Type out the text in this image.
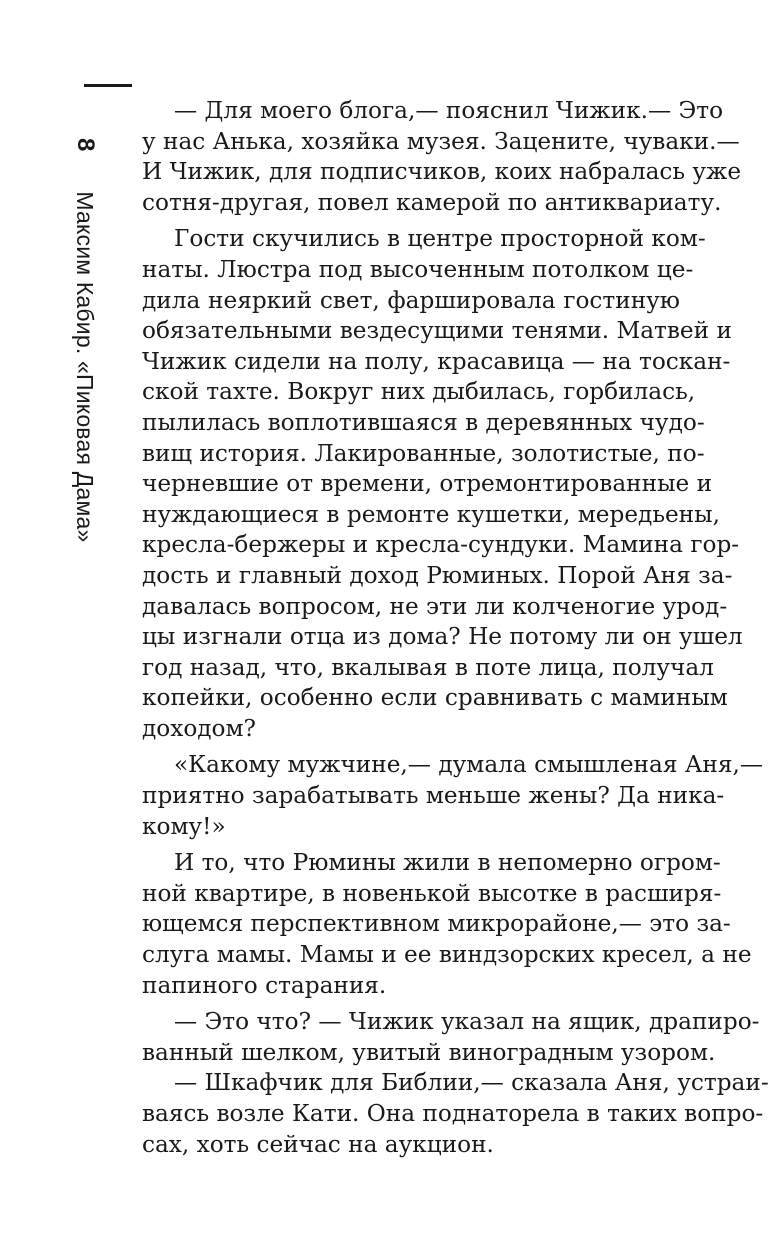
8
Максим Кабир. «Пиковая Дама»
— Для моего блога,— пояснил Чижик.— Это
у нас Анька, хозяйка музея. Зацените, чуваки.—
И Чижик, для подписчиков, коих набралась уже
сотня-другая, повел камерой по антиквариату.
Гости скучились в центре просторной ком-
наты. Люстра под высоченным потолком це-
дила неяркий свет, фаршировала гостиную
обязательными вездесущими тенями. Матвей и
Чижик сидели на полу, красавица — на тоскан-
ской тахте. Вокруг них дыбилась, горбилась,
пылилась воплотившаяся в деревянных чудо-
вищ история. Лакированные, золотистые, по-
черневшие от времени, отремонтированные и
нуждающиеся в ремонте кушетки, мередьены,
кресла-бержеры и кресла-сундуки. Мамина гор-
дость и главный доход Рюминых. Порой Аня за-
давалась вопросом, не эти ли колченогие урод-
цы изгнали отца из дома? Не потому ли он ушел
год назад, что, вкалывая в поте лица, получал
копейки, особенно если сравнивать с маминым
доходом?
«Какому мужчине,— думала смышленая Аня,—
приятно зарабатывать меньше жены? Да ника-
кому!»
И то, что Рюмины жили в непомерно огром-
ной квартире, в новенькой высотке в расширя-
ющемся перспективном микрорайоне,— это за-
слуга мамы. Мамы и ее виндзорских кресел, а не
папиного старания.
— Это что? — Чижик указал на ящик, драпиро-
ванный шелком, увитый виноградным узором.
— Шкафчик для Библии,— сказала Аня, устраи-
ваясь возле Кати. Она поднаторела в таких вопро-
сах, хоть сейчас на аукцион.
